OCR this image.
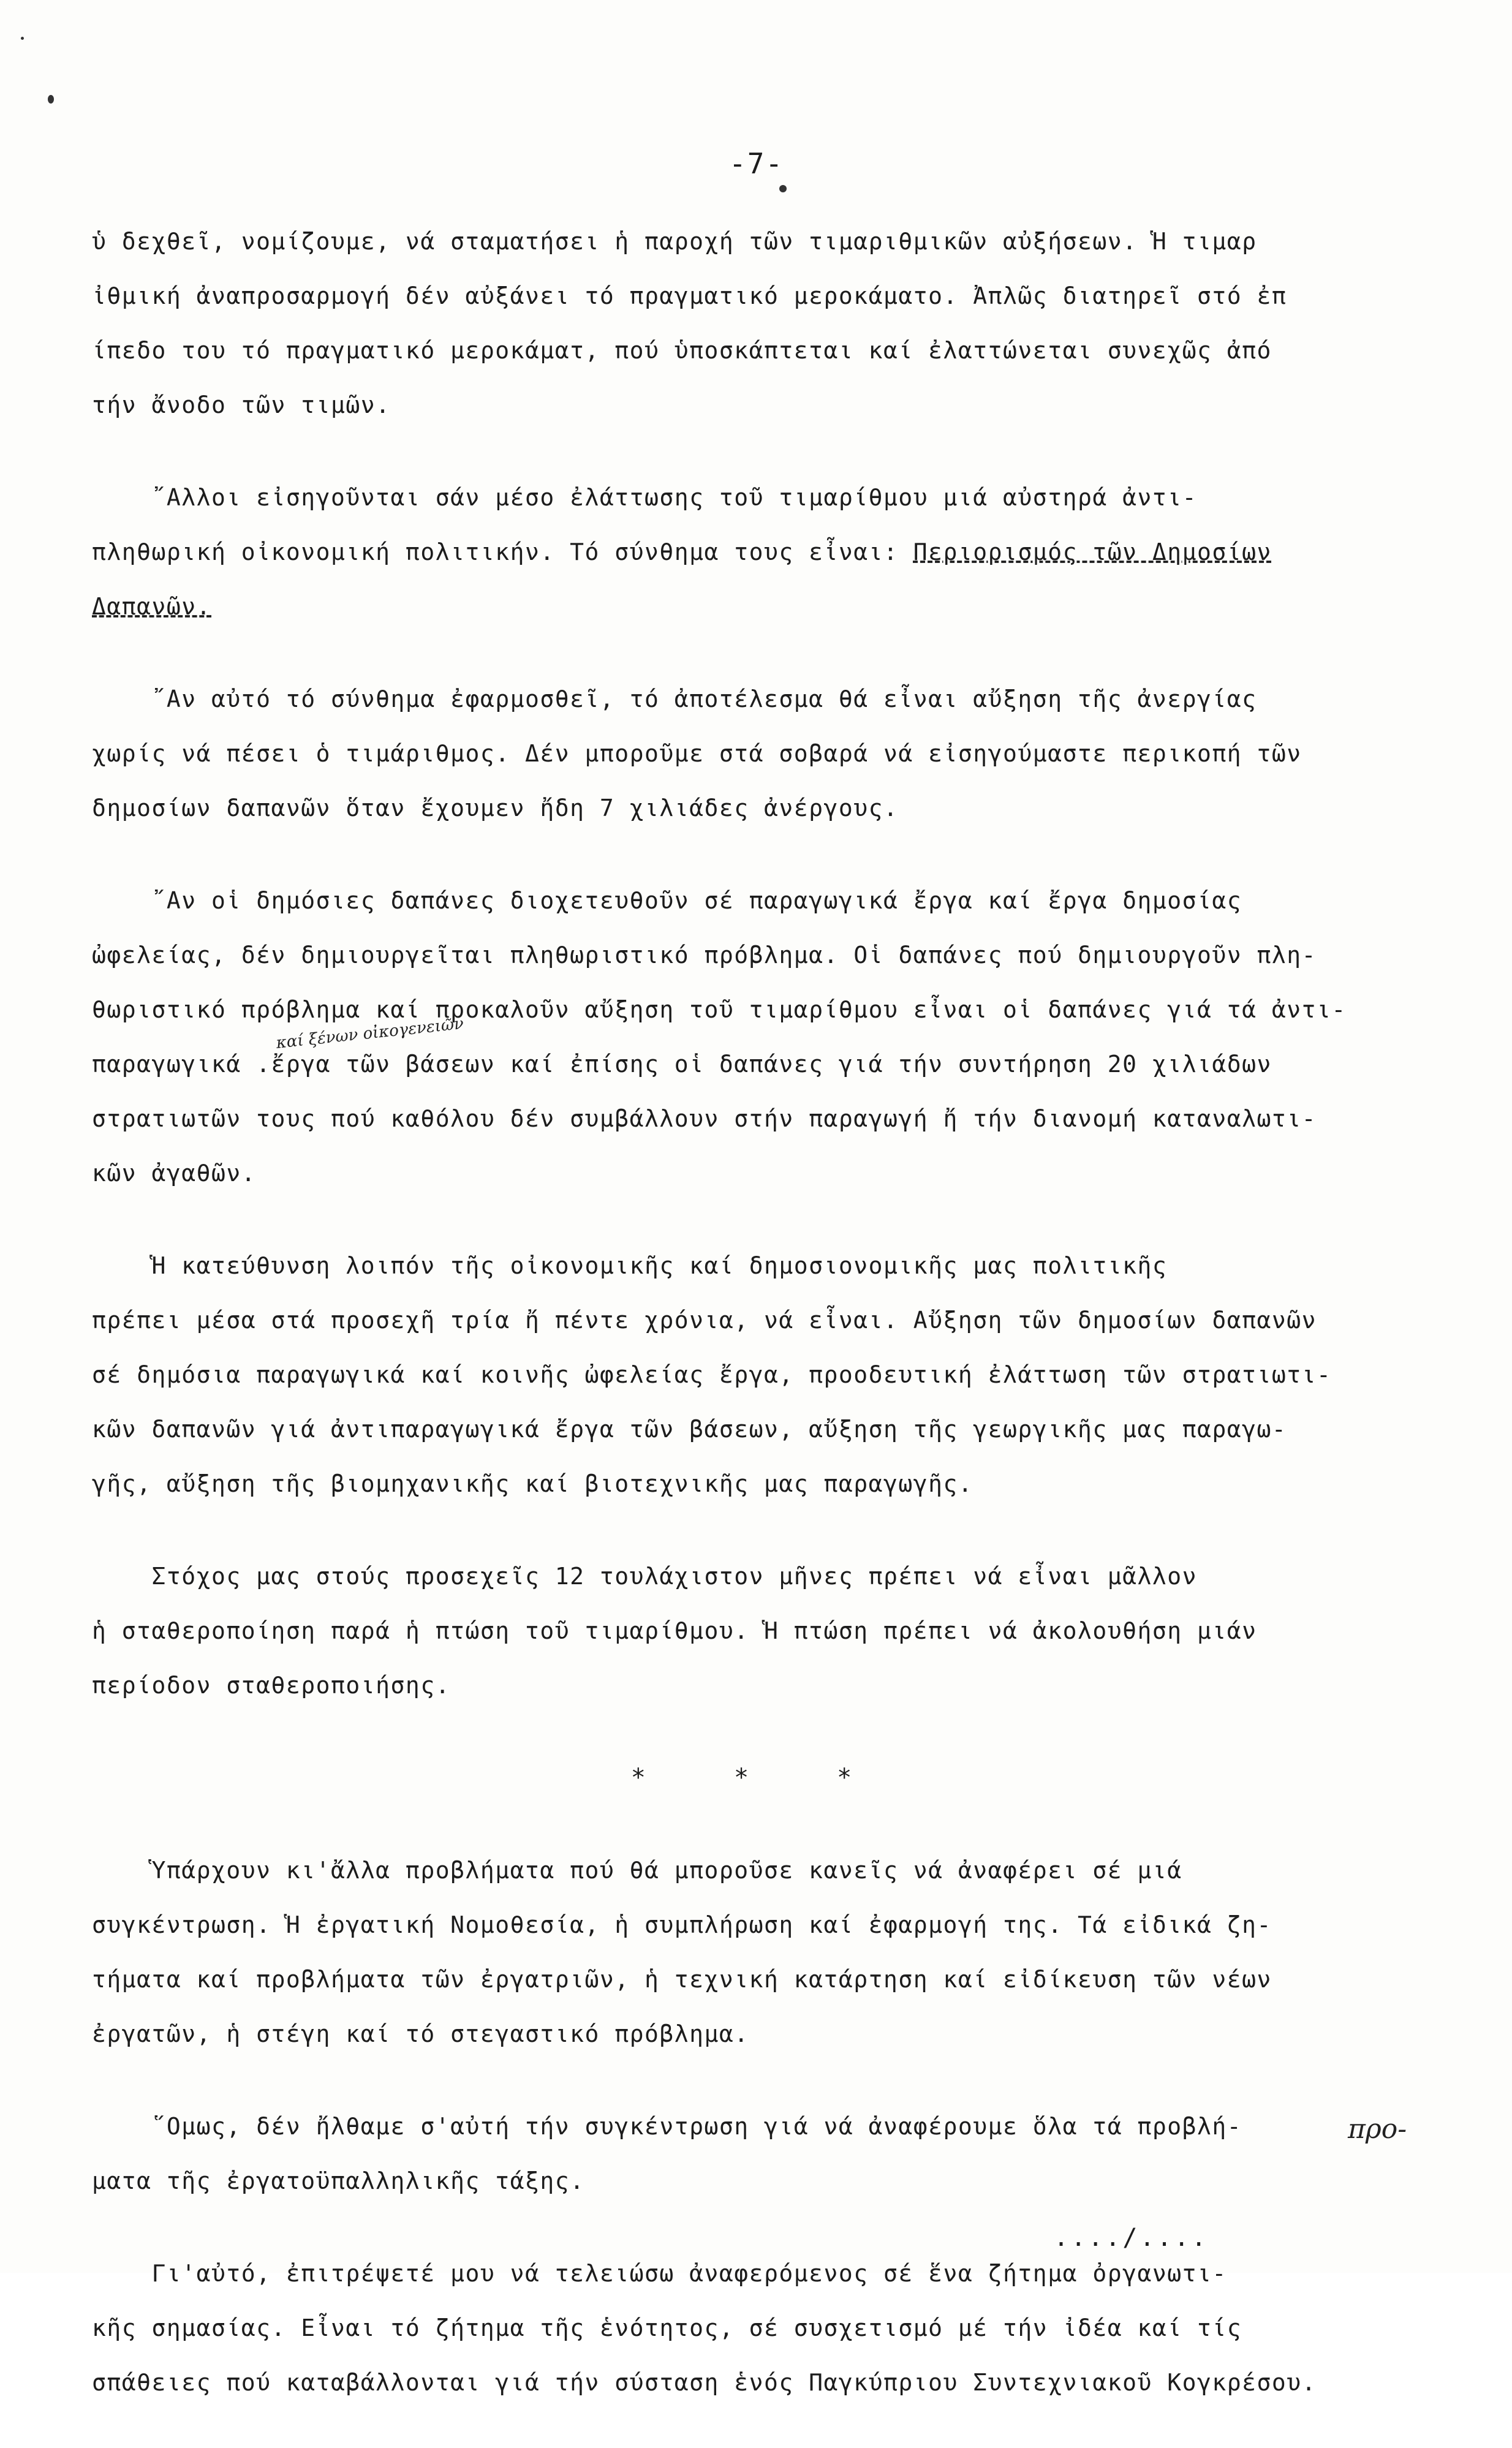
-7-
ὑ δεχθεῖ, νομίζουμε, νά σταματήσει ἡ παροχή τῶν τιμαριθμικῶν αὐξήσεων. Ἡ τιμαρ
ἰθμική ἀναπροσαρμογή δέν αὐξάνει τό πραγματικό μεροκάματο. Ἀπλῶς διατηρεῖ στό ἐπ
ίπεδο του τό πραγματικό μεροκάματ, πού ὑποσκάπτεται καί ἐλαττώνεται συνεχῶς ἀπό
τήν ἄνοδο τῶν τιμῶν.
῎Αλλοι εἰσηγοῦνται σάν μέσο ἐλάττωσης τοῦ τιμαρίθμου μιά αὐστηρά ἀντι-
πληθωρική οἰκονομική πολιτικήν. Τό σύνθημα τους εἶναι: Περιορισμός τῶν Δημοσίων
Δαπανῶν.
῎Αν αὐτό τό σύνθημα ἐφαρμοσθεῖ, τό ἀποτέλεσμα θά εἶναι αὔξηση τῆς ἀνεργίας
χωρίς νά πέσει ὁ τιμάριθμος. Δέν μποροῦμε στά σοβαρά νά εἰσηγούμαστε περικοπή τῶν
δημοσίων δαπανῶν ὅταν ἔχουμεν ἤδη 7 χιλιάδες ἀνέργους.
῎Αν οἱ δημόσιες δαπάνες διοχετευθοῦν σέ παραγωγικά ἔργα καί ἔργα δημοσίας
ὠφελείας, δέν δημιουργεῖται πληθωριστικό πρόβλημα. Οἱ δαπάνες πού δημιουργοῦν πλη-
θωριστικό πρόβλημα καί προκαλοῦν αὔξηση τοῦ τιμαρίθμου εἶναι οἱ δαπάνες γιά τά ἀντι-
παραγωγικά .ἔργα τῶν βάσεων καί ἐπίσης οἱ δαπάνες γιά τήν συντήρηση 20 χιλιάδων
στρατιωτῶν τους πού καθόλου δέν συμβάλλουν στήν παραγωγή ἤ τήν διανομή καταναλωτι-
κῶν ἀγαθῶν.
Ἡ κατεύθυνση λοιπόν τῆς οἰκονομικῆς καί δημοσιονομικῆς μας πολιτικῆς
πρέπει μέσα στά προσεχῆ τρία ἤ πέντε χρόνια, νά εἶναι. Αὔξηση τῶν δημοσίων δαπανῶν
σέ δημόσια παραγωγικά καί κοινῆς ὠφελείας ἔργα, προοδευτική ἐλάττωση τῶν στρατιωτι-
κῶν δαπανῶν γιά ἀντιπαραγωγικά ἔργα τῶν βάσεων, αὔξηση τῆς γεωργικῆς μας παραγω-
γῆς, αὔξηση τῆς βιομηχανικῆς καί βιοτεχνικῆς μας παραγωγῆς.
Στόχος μας στούς προσεχεῖς 12 τουλάχιστον μῆνες πρέπει νά εἶναι μᾶλλον
ἡ σταθεροποίηση παρά ἡ πτώση τοῦ τιμαρίθμου. Ἡ πτώση πρέπει νά ἀκολουθήση μιάν
περίοδον σταθεροποιήσης.
* * *
Ὑπάρχουν κι'ἄλλα προβλήματα πού θά μποροῦσε κανεῖς νά ἀναφέρει σέ μιά
συγκέντρωση. Ἡ ἐργατική Νομοθεσία, ἡ συμπλήρωση καί ἐφαρμογή της. Τά εἰδικά ζη-
τήματα καί προβλήματα τῶν ἐργατριῶν, ἡ τεχνική κατάρτηση καί εἰδίκευση τῶν νέων
ἐργατῶν, ἡ στέγη καί τό στεγαστικό πρόβλημα.
῞Ομως, δέν ἤλθαμε σ'αὐτή τήν συγκέντρωση γιά νά ἀναφέρουμε ὅλα τά προβλή-
ματα τῆς ἐργατοϋπαλληλικῆς τάξης.
Γι'αὐτό, ἐπιτρέψετέ μου νά τελειώσω ἀναφερόμενος σέ ἕνα ζήτημα ὀργανωτι-
κῆς σημασίας. Εἶναι τό ζήτημα τῆς ἑνότητος, σέ συσχετισμό μέ τήν ἰδέα καί τίς
σπάθειες πού καταβάλλονται γιά τήν σύσταση ἑνός Παγκύπριου Συντεχνιακοῦ Κογκρέσου.
καί ξένων οἰκογενειῶν
προ-
..../....
